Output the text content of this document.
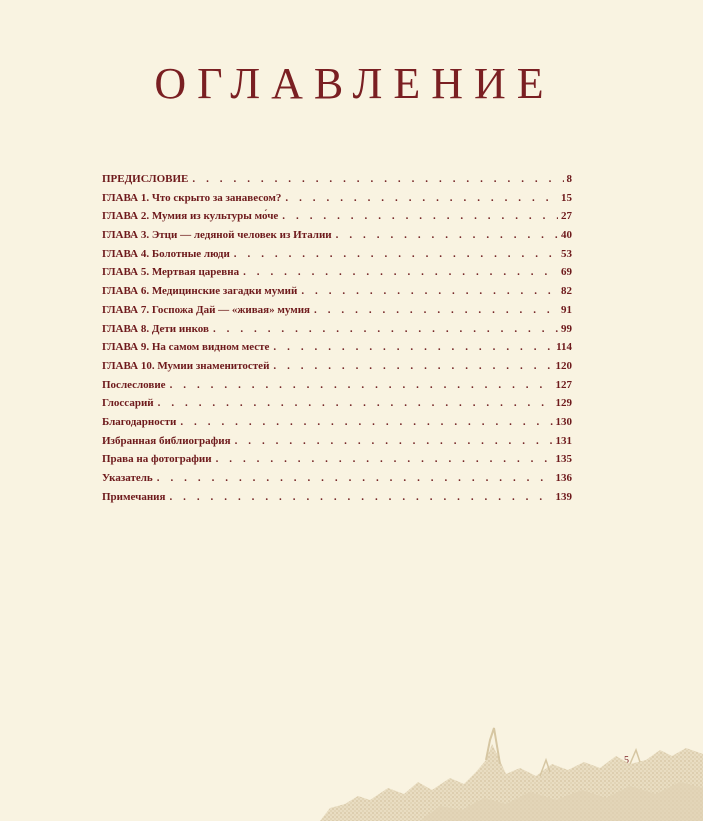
ОГЛАВЛЕНИЕ
ПРЕДИСЛОВИЕ . . .	8
ГЛАВА 1. Что скрыто за занавесом? . . .	15
ГЛАВА 2. Мумия из культуры мо́че . . .	27
ГЛАВА 3. Этци — ледяной человек из Италии . . .	40
ГЛАВА 4. Болотные люди . . .	53
ГЛАВА 5. Мертвая царевна . . .	69
ГЛАВА 6. Медицинские загадки мумий . . .	82
ГЛАВА 7. Госпожа Дай — «живая» мумия . . .	91
ГЛАВА 8. Дети инков . . .	99
ГЛАВА 9. На самом видном месте . . .	114
ГЛАВА 10. Мумии знаменитостей . . .	120
Послесловие . . .	127
Глоссарий . . .	129
Благодарности . . .	130
Избранная библиография . . .	131
Права на фотографии . . .	135
Указатель . . .	136
Примечания . . .	139
5
